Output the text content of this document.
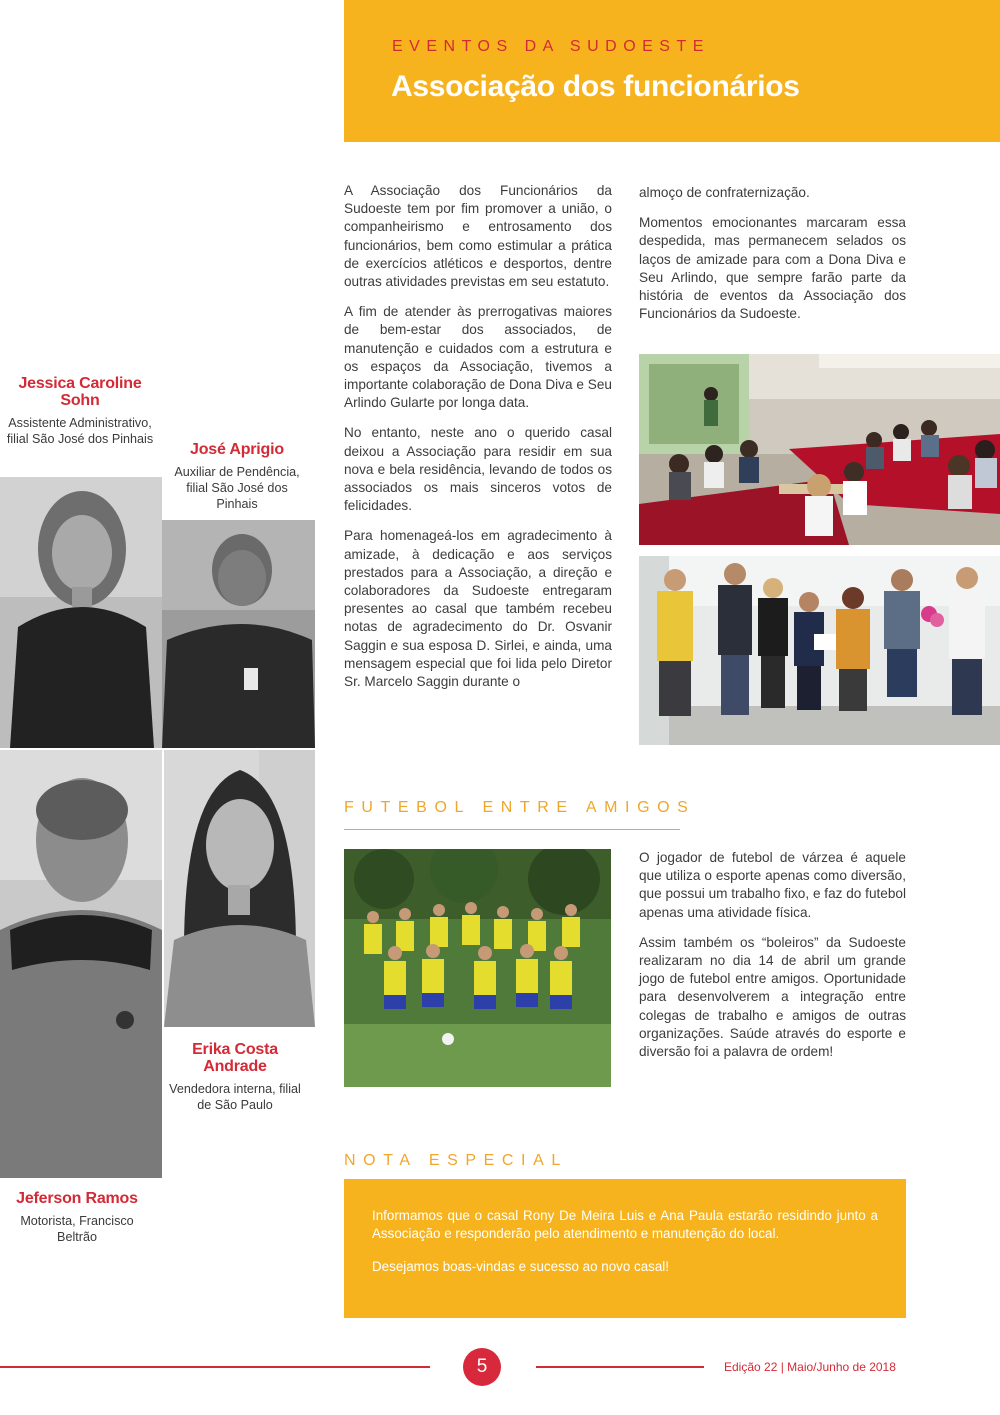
EVENTOS DA SUDOESTE
Associação dos funcionários

A Associação dos Funcionários da Sudoeste tem por fim promover a união, o companheirismo e entrosamento dos funcionários, bem como estimular a prática de exercícios atléticos e desportos, dentre outras atividades previstas em seu estatuto.

A fim de atender às prerrogativas maiores de bem-estar dos associados, de manutenção e cuidados com a estrutura e os espaços da Associação, tivemos a importante colaboração de Dona Diva e Seu Arlindo Gularte por longa data.

No entanto, neste ano o querido casal deixou a Associação para residir em sua nova e bela residência, levando de todos os associados os mais sinceros votos de felicidades.

Para homenageá-los em agradecimento à amizade, à dedicação e aos serviços prestados para a Associação, a direção e colaboradores da Sudoeste entregaram presentes ao casal que também recebeu notas de agradecimento do Dr. Osvanir Saggin e sua esposa D. Sirlei, e ainda, uma mensagem especial que foi lida pelo Diretor Sr. Marcelo Saggin durante o

almoço de confraternização.

Momentos emocionantes marcaram essa despedida, mas permanecem selados os laços de amizade para com a Dona Diva e Seu Arlindo, que sempre farão parte da história de eventos da Associação dos Funcionários da Sudoeste.

Jessica Caroline Sohn
Assistente Administrativo, filial São José dos Pinhais
José Aprigio
Auxiliar de Pendência, filial São José dos Pinhais
Erika Costa Andrade
Vendedora interna, filial de São Paulo
Jeferson Ramos
Motorista, Francisco Beltrão
FUTEBOL ENTRE AMIGOS

O jogador de futebol de várzea é aquele que utiliza o esporte apenas como diversão, que possui um trabalho fixo, e faz do futebol apenas uma atividade física.

Assim também os “boleiros” da Sudoeste realizaram no dia 14 de abril um grande jogo de futebol entre amigos. Oportunidade para desenvolverem a integração entre colegas de trabalho e amigos de outras organizações. Saúde através do esporte e diversão foi a palavra de ordem!

NOTA ESPECIAL

Informamos que o casal Rony De Meira Luis e Ana Paula estarão residindo junto a Associação e responderão pelo atendimento e manutenção do local.

Desejamos boas-vindas e sucesso ao novo casal!

5	Edição 22 | Maio/Junho de 2018
